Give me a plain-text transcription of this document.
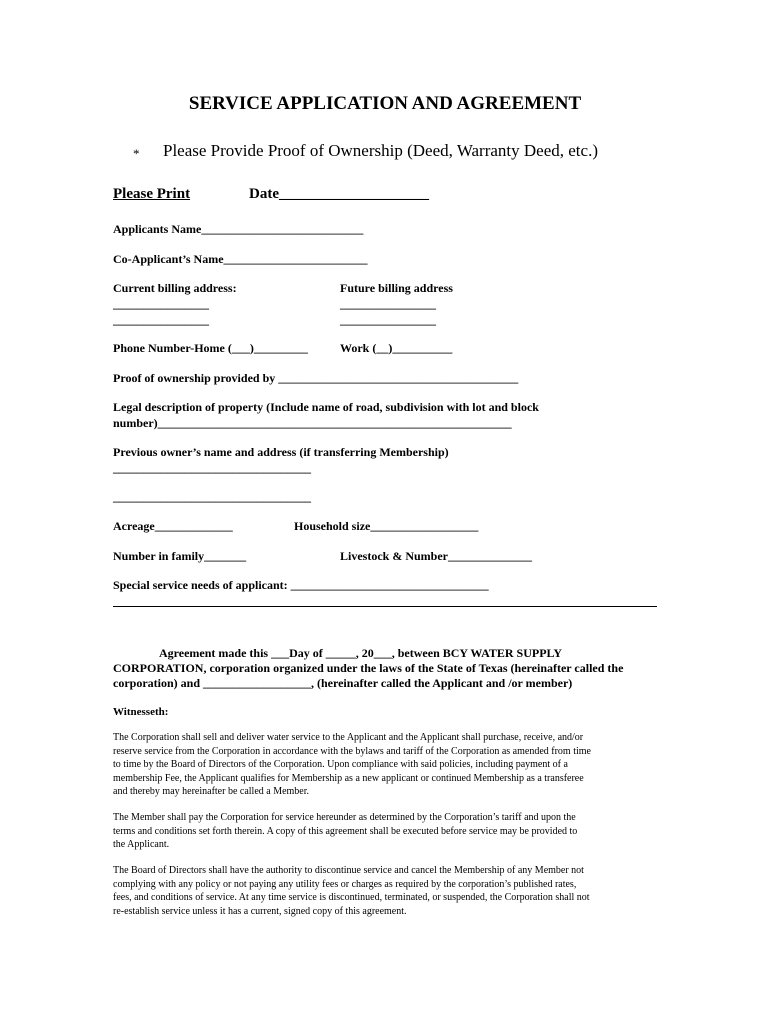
SERVICE APPLICATION AND AGREEMENT
* Please Provide Proof of Ownership (Deed, Warranty Deed, etc.)
Please Print	Date____________________
Applicants Name___________________________
Co-Applicant’s Name________________________
Current billing address:
________________
________________
Future billing address
________________
________________
Phone Number-Home (___)_________	Work (__)__________
Proof of ownership provided by ________________________________________
Legal description of property (Include name of road, subdivision with lot and block
number)___________________________________________________________
Previous owner’s name and address (if transferring Membership)
_________________________________
_________________________________
Acreage_____________	Household size__________________
Number in family_______	Livestock & Number______________
Special service needs of applicant: _________________________________
Agreement made this ___Day of _____, 20___, between BCY WATER SUPPLY
CORPORATION, corporation organized under the laws of the State of Texas (hereinafter called the
corporation) and __________________, (hereinafter called the Applicant and /or member)
Witnesseth:
The Corporation shall sell and deliver water service to the Applicant and the Applicant shall purchase, receive, and/or
reserve service from the Corporation in accordance with the bylaws and tariff of the Corporation as amended from time
to time by the Board of Directors of the Corporation. Upon compliance with said policies, including payment of a
membership Fee, the Applicant qualifies for Membership as a new applicant or continued Membership as a transferee
and thereby may hereinafter be called a Member.
The Member shall pay the Corporation for service hereunder as determined by the Corporation’s tariff and upon the
terms and conditions set forth therein. A copy of this agreement shall be executed before service may be provided to
the Applicant.
The Board of Directors shall have the authority to discontinue service and cancel the Membership of any Member not
complying with any policy or not paying any utility fees or charges as required by the corporation’s published rates,
fees, and conditions of service. At any time service is discontinued, terminated, or suspended, the Corporation shall not
re-establish service unless it has a current, signed copy of this agreement.
